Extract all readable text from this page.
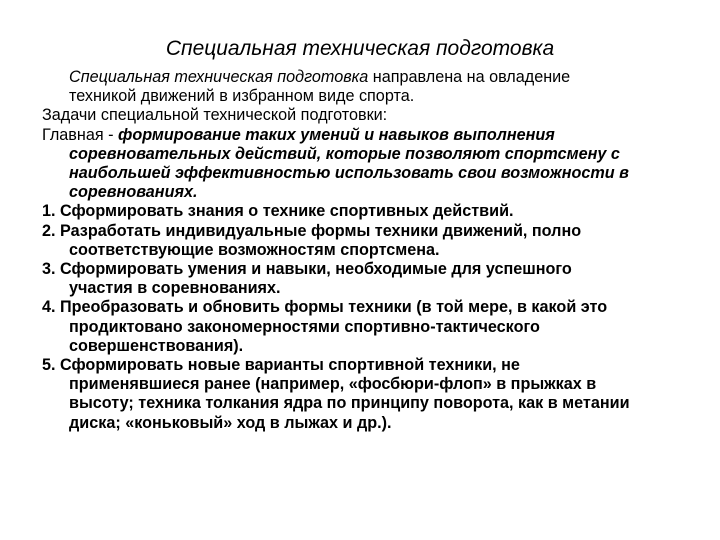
Специальная техническая подготовка
Специальная техническая подготовка направлена на овладение
техникой движений в избранном виде спорта.
Задачи специальной технической подготовки:
Главная - формирование таких умений и навыков выполнения
соревновательных действий, которые позволяют спортсмену с
наибольшей эффективностью использовать свои возможности в
соревнованиях.
1. Сформировать знания о технике спортивных действий.
2. Разработать индивидуальные формы техники движений, полно
соответствующие возможностям спортсмена.
3. Сформировать умения и навыки, необходимые для успешного
участия в соревнованиях.
4. Преобразовать и обновить формы техники (в той мере, в какой это
продиктовано закономерностями спортивно-тактического
совершенствования).
5. Сформировать новые варианты спортивной техники, не
применявшиеся ранее (например, «фосбюри-флоп» в прыжках в
высоту; техника толкания ядра по принципу поворота, как в метании
диска; «коньковый» ход в лыжах и др.).
